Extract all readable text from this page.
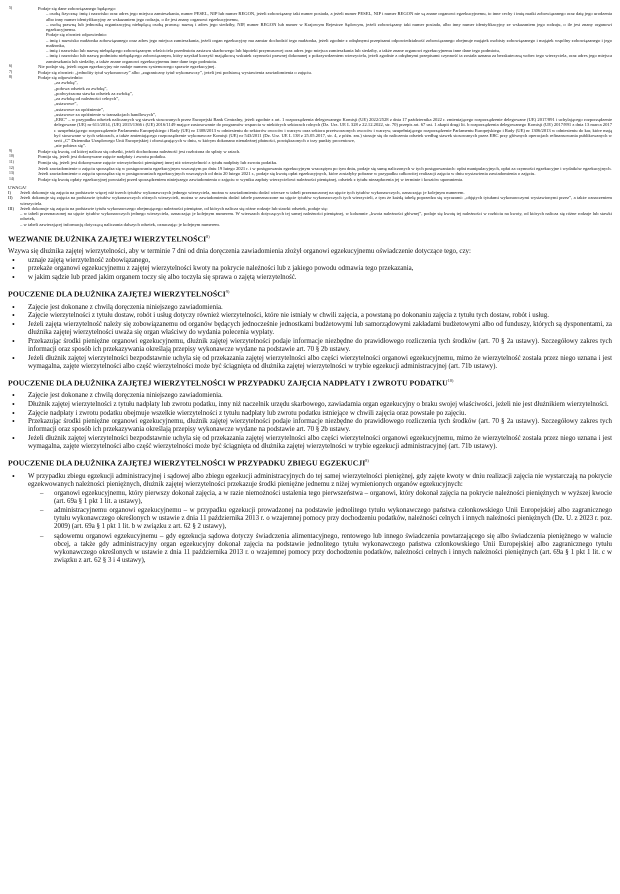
5)	Podaje się dane zobowiązanego będącego:
– osobą fizyczną: imię i nazwisko oraz adres jego miejsca zamieszkania, numer PESEL, NIP lub numer REGON, jeżeli zobowiązany taki numer posiada, a jeżeli numer PESEL, NIP i numer REGON nie są znane organowi egzekucyjnemu, to inne cechy i imię matki zobowiązanego oraz datę jego urodzenia albo inny numer identyfikacyjny ze wskazaniem jego rodzaju, o ile jest znany organowi egzekucyjnemu,
– osobą prawną lub jednostką organizacyjną niebędącą osobą prawną: nazwę i adres jego siedziby, NIP, numer REGON lub numer w Krajowym Rejestrze Sądowym, jeżeli zobowiązany taki numer posiada, albo inny numer identyfikacyjny ze wskazaniem jego rodzaju, o ile jest znany organowi egzekucyjnemu.
Podaje się również odpowiednio:
– imię i nazwisko małżonka zobowiązanego oraz adres jego miejsca zamieszkania, jeżeli organ egzekucyjny ma zamiar dochodzić tego małżonka, jeżeli zgodnie z odrębnymi przepisami odpowiedzialność zobowiązanego obejmuje majątek osobisty zobowiązanego i majątek wspólny zobowiązanego i jego małżonka,
– imię i nazwisko lub nazwę niebędącego zobowiązanym właściciela przedmiotu zastawu skarbowego lub hipoteki przymusowej oraz adres jego miejsca zamieszkania lub siedziby, a także znane organowi egzekucyjnemu inne dane tego podmiotu,
– imię i nazwisko lub nazwę podmiotu niebędącego zobowiązanym, który uzyskał korzyść majątkową wskutek czynności prawnej dokonanej z pokrzywdzeniem wierzyciela, jeżeli zgodnie z odrębnymi przepisami czynność ta została uznana za bezskuteczną wobec tego wierzyciela, oraz adres jego miejsca zamieszkania lub siedziby, a także znane organowi egzekucyjnemu inne dane tego podmiotu.
6)	Nie podaje się, jeżeli organ egzekucyjny nie nadaje numeru systemowego sprawie egzekucyjnej.
7)	Podaje się również: „jednolity tytuł wykonawczy” albo „zagraniczny tytuł wykonawczy”, jeżeli jest podstawą wystawienia zawiadomienia o zajęciu.
8)	Podaje się odpowiednio:
„za zwłokę”,
„połowa odsetek za zwłokę”,
„podwyższona stawka odsetek za zwłokę”,
„za zwłokę od należności celnych”,
„ustawowe”,
„ustawowe za opóźnienie”,
„ustawowe za opóźnienie w transakcjach handlowych”,
„EBC” – w przypadku odsetek naliczanych wg stawek stosowanych przez Europejski Bank Centralny, jeżeli zgodnie z art. 1 rozporządzenia delegowanego Komisji (UE) 2022/2528 z dnia 17 października 2022 r. zmieniającego rozporządzenie delegowane (UE) 2017/891 i uchylającego rozporządzenie delegowane (UE) nr 611/2014, (UE) 2015/1366 i (UE) 2016/1149 mające zastosowanie do programów wsparcia w niektórych sektorach rolnych (Dz. Urz. UE L 328 z 22.12.2022, str. 70) przepis art. 67 ust. 1 akapit drugi lit. b rozporządzenia delegowanego Komisji (UE) 2017/891 z dnia 13 marca 2017 r. uzupełniającego rozporządzenie Parlamentu Europejskiego i Rady (UE) nr 1308/2013 w odniesieniu do sektorów owoców i warzyw oraz sektora przetworzonych owoców i warzyw, uzupełniającego rozporządzenie Parlamentu Europejskiego i Rady (UE) nr 1306/2013 w odniesieniu do kar, które mają być stosowane w tych sektorach, a także zmieniającego rozporządzenie wykonawcze Komisji (UE) nr 543/2011 (Dz. Urz. UE L 138 z 25.05.2017, str. 4, z późn. zm.) stosuje się do naliczenia odsetek według stawek stosowanych przez EBC przy głównych operacjach refinansowania publikowanych w serii „C” Dziennika Urzędowego Unii Europejskiej i obowiązujących w dniu, w którym dokonano nienależnej płatności, powiększonych o trzy punkty procentowe,
„nie pobiera się”.
9)	Podaje się kwotę, od której nalicza się odsetki, jeżeli dochodzona należność jest rozłożona do spłaty w ratach.
10)	Pomija się, jeżeli jest dokonywane zajęcie nadpłaty i zwrotu podatku.
11)	Pomija się, jeżeli jest dokonywane zajęcie wierzytelności pieniężnej innej niż wierzytelność z tytułu nadpłaty lub zwrotu podatku.
12)	Jeżeli zawiadomienie o zajęciu sporządza się w postępowaniu egzekucyjnym wszczętym po dniu 19 lutego 2021 r. i w postępowaniu egzekucyjnym wszczętym po tym dniu, podaje się sumę naliczonych w tych postępowaniach: opłat manipulacyjnych, opłat za czynności egzekucyjne i wydatków egzekucyjnych.
13)	Jeżeli zawiadomienie o zajęciu sporządza się w postępowaniach egzekucyjnych wszczętych od dnia 20 lutego 2021 r., podaje się kwotę opłat egzekucyjnych, które zostałyby pobrane w przypadku całkowitej realizacji zajęcia w dniu wystawienia zawiadomienia o zajęciu.
14)	Podaje się kwotę opłaty egzekucyjnej powstałej przed sporządzeniem niniejszego zawiadomienia o zajęciu w wyniku zapłaty wierzycielowi należności pieniężnej, odsetek z tytułu niezapłacenia jej w terminie i kosztów upomnienia.
UWAGA!
I)	Jeżeli dokonuje się zajęcia na podstawie więcej niż trzech tytułów wykonawczych jednego wierzyciela, można w zawiadomieniu dodać wiersze w tabeli przeznaczonej na ujęcie tych tytułów wykonawczych, oznaczając je kolejnym numerem.
II)	Jeżeli dokonuje się zajęcia na podstawie tytułów wykonawczych różnych wierzycieli, można w zawiadomieniu dodać tabele przeznaczone na ujęcie tytułów wykonawczych tych wierzycieli, z tym że każdą tabelę poprzedza się wyrazami: „objętych tytułami wykonawczymi wystawionymi przez”, a także oznaczeniem wierzyciela.
III)	Jeżeli dokonuje się zajęcia na podstawie tytułu wykonawczego obejmującego należności pieniężne, od których nalicza się różne rodzaje lub stawki odsetek, podaje się:
– w tabeli przeznaczonej na ujęcie tytułów wykonawczych jednego wierzyciela, oznaczając je kolejnym numerem. W wierszach dotyczących tej samej należności pieniężnej, w kolumnie „kwota należności głównej”, podaje się kwotę tej należności w rozbiciu na kwoty, od których nalicza się różne rodzaje lub stawki odsetek,
– w tabeli zawierającej informację dotyczącą naliczania dalszych odsetek, oznaczając je kolejnym numerem.
WEZWANIE DŁUŻNIKA ZAJĘTEJ WIERZYTELNOŚCI$^{8)}$

Wzywa się dłużnika zajętej wierzytelności, aby w terminie 7 dni od dnia doręczenia zawiadomienia złożył organowi egzekucyjnemu oświadczenie dotyczące tego, czy:

• uznaje zajętą wierzytelność zobowiązanego,
• przekaże organowi egzekucyjnemu z zajętej wierzytelności kwoty na pokrycie należności lub z jakiego powodu odmawia tego przekazania,
• w jakim sądzie lub przed jakim organem toczy się albo toczyła się sprawa o zajętą wierzytelność.
POUCZENIE DLA DŁUŻNIKA ZAJĘTEJ WIERZYTELNOŚCI$^{9)}$
• Zajęcie jest dokonane z chwilą doręczenia niniejszego zawiadomienia.
• Zajęcie wierzytelności z tytułu dostaw, robót i usług dotyczy również wierzytelności, które nie istniały w chwili zajęcia, a powstaną po dokonaniu zajęcia z tytułu tych dostaw, robót i usług.
• Jeżeli zajęta wierzytelność należy się zobowiązanemu od organów będących jednocześnie jednostkami budżetowymi lub samorządowymi zakładami budżetowymi albo od funduszy, których są dysponentami, za dłużnika zajętej wierzytelności uważa się organ właściwy do wydania polecenia wypłaty.
• Przekazując środki pieniężne organowi egzekucyjnemu, dłużnik zajętej wierzytelności podaje informacje niezbędne do prawidłowego rozliczenia tych środków (art. 70 § 2a ustawy). Szczegółowy zakres tych informacji oraz sposób ich przekazywania określają przepisy wykonawcze wydane na podstawie art. 70 § 2b ustawy.
• Jeżeli dłużnik zajętej wierzytelności bezpodstawnie uchyla się od przekazania zajętej wierzytelności albo części wierzytelności organowi egzekucyjnemu, mimo że wierzytelność została przez niego uznana i jest wymagalna, zajęte wierzytelności albo część wierzytelności może być ściągnięta od dłużnika zajętej wierzytelności w trybie egzekucji administracyjnej (art. 71b ustawy).
POUCZENIE DLA DŁUŻNIKA ZAJĘTEJ WIERZYTELNOŚCI W PRZYPADKU ZAJĘCIA NADPŁATY I ZWROTU PODATKU$^{10)}$
• Zajęcie jest dokonane z chwilą doręczenia niniejszego zawiadomienia.
• Dłużnik zajętej wierzytelności z tytułu nadpłaty lub zwrotu podatku, inny niż naczelnik urzędu skarbowego, zawiadamia organ egzekucyjny o braku swojej właściwości, jeżeli nie jest dłużnikiem wierzytelności.
• Zajęcie nadpłaty i zwrotu podatku obejmuje wszelkie wierzytelności z tytułu nadpłaty lub zwrotu podatku istniejące w chwili zajęcia oraz powstałe po zajęciu.
• Przekazując środki pieniężne organowi egzekucyjnemu, dłużnik zajętej wierzytelności podaje informacje niezbędne do prawidłowego rozliczenia tych środków (art. 70 § 2a ustawy). Szczegółowy zakres tych informacji oraz sposób ich przekazywania określają przepisy wykonawcze wydane na podstawie art. 70 § 2b ustawy.
• Jeżeli dłużnik zajętej wierzytelności bezpodstawnie uchyla się od przekazania zajętej wierzytelności albo części wierzytelności organowi egzekucyjnemu, mimo że wierzytelność została przez niego uznana i jest wymagalna, zajęte wierzytelności albo część wierzytelności może być ściągnięta od dłużnika zajętej wierzytelności w trybie egzekucji administracyjnej (art. 71b ustawy).
POUCZENIE DLA DŁUŻNIKA ZAJĘTEJ WIERZYTELNOŚCI W PRZYPADKU ZBIEGU EGZEKUCJI$^{8)}$
• W przypadku zbiegu egzekucji administracyjnej i sądowej albo zbiegu egzekucji administracyjnych do tej samej wierzytelności pieniężnej, gdy zajęte kwoty w dniu realizacji zajęcia nie wystarczają na pokrycie egzekwowanych należności pieniężnych, dłużnik zajętej wierzytelności przekazuje środki pieniężne jednemu z niżej wymienionych organów egzekucyjnych:
– organowi egzekucyjnemu, który pierwszy dokonał zajęcia, a w razie niemożności ustalenia tego pierwszeństwa – organowi, który dokonał zajęcia na pokrycie należności pieniężnych w wyższej kwocie (art. 69a § 1 pkt 1 lit. a ustawy),
– administracyjnemu organowi egzekucyjnemu – w przypadku egzekucji prowadzonej na podstawie jednolitego tytułu wykonawczego państwa członkowskiego Unii Europejskiej albo zagranicznego tytułu wykonawczego określonych w ustawie z dnia 11 października 2013 r. o wzajemnej pomocy przy dochodzeniu podatków, należności celnych i innych należności pieniężnych (Dz. U. z 2023 r. poz. 2009) (art. 69a § 1 pkt 1 lit. b w związku z art. 62 § 2 ustawy),
– sądowemu organowi egzekucyjnemu – gdy egzekucja sądowa dotyczy świadczenia alimentacyjnego, rentowego lub innego świadczenia powtarzającego się albo świadczenia pieniężnego w walucie obcej, a także gdy administracyjny organ egzekucyjny dokonał zajęcia na podstawie jednolitego tytułu wykonawczego państwa członkowskiego Unii Europejskiej albo zagranicznego tytułu wykonawczego określonych w ustawie z dnia 11 października 2013 r. o wzajemnej pomocy przy dochodzeniu podatków, należności celnych i innych należności pieniężnych (art. 69a § 1 pkt 1 lit. c w związku z art. 62 § 3 i 4 ustawy),
